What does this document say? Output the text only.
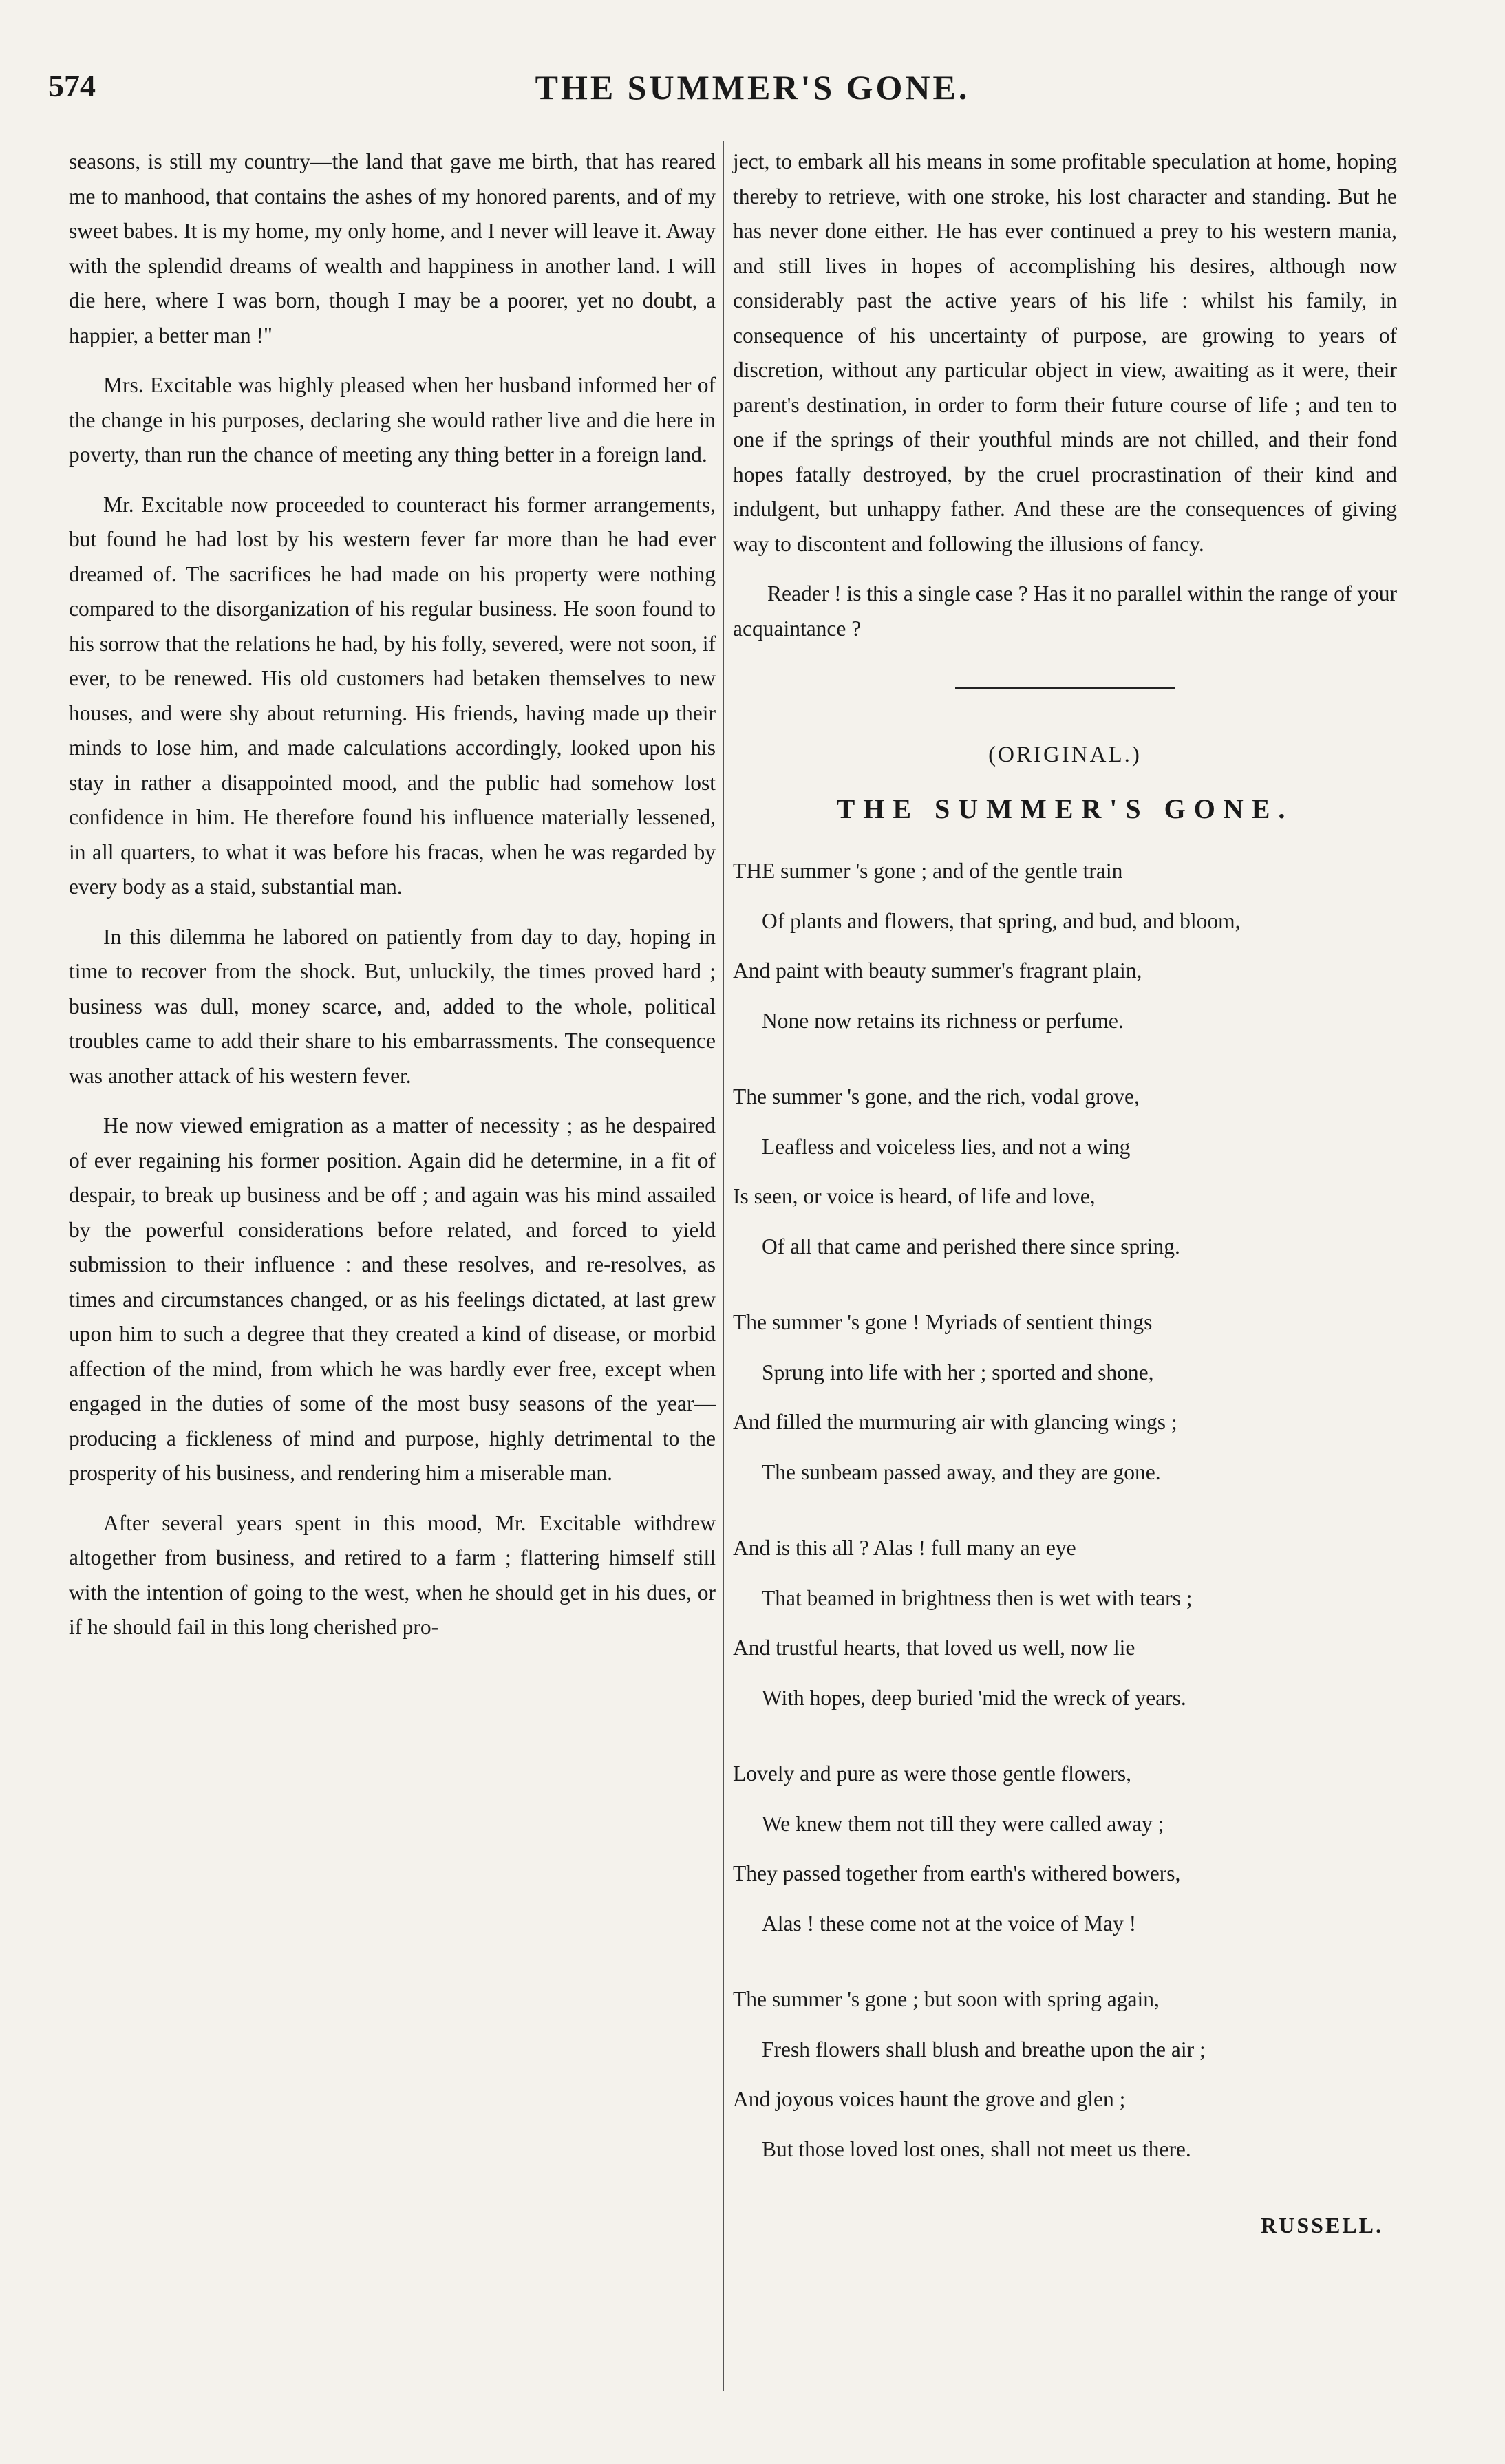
574	THE SUMMER'S GONE.

seasons, is still my country—the land that gave me birth, that has reared me to manhood, that contains the ashes of my honored parents, and of my sweet babes. It is my home, my only home, and I never will leave it. Away with the splendid dreams of wealth and happiness in another land. I will die here, where I was born, though I may be a poorer, yet no doubt, a happier, a better man !"

Mrs. Excitable was highly pleased when her husband informed her of the change in his purposes, declaring she would rather live and die here in poverty, than run the chance of meeting any thing better in a foreign land.

Mr. Excitable now proceeded to counteract his former arrangements, but found he had lost by his western fever far more than he had ever dreamed of. The sacrifices he had made on his property were nothing compared to the disorganization of his regular business. He soon found to his sorrow that the relations he had, by his folly, severed, were not soon, if ever, to be renewed. His old customers had betaken themselves to new houses, and were shy about returning. His friends, having made up their minds to lose him, and made calculations accordingly, looked upon his stay in rather a disappointed mood, and the public had somehow lost confidence in him. He therefore found his influence materially lessened, in all quarters, to what it was before his fracas, when he was regarded by every body as a staid, substantial man.

In this dilemma he labored on patiently from day to day, hoping in time to recover from the shock. But, unluckily, the times proved hard ; business was dull, money scarce, and, added to the whole, political troubles came to add their share to his embarrassments. The consequence was another attack of his western fever.

He now viewed emigration as a matter of necessity ; as he despaired of ever regaining his former position. Again did he determine, in a fit of despair, to break up business and be off ; and again was his mind assailed by the powerful considerations before related, and forced to yield submission to their influence : and these resolves, and re-resolves, as times and circumstances changed, or as his feelings dictated, at last grew upon him to such a degree that they created a kind of disease, or morbid affection of the mind, from which he was hardly ever free, except when engaged in the duties of some of the most busy seasons of the year—producing a fickleness of mind and purpose, highly detrimental to the prosperity of his business, and rendering him a miserable man.

After several years spent in this mood, Mr. Excitable withdrew altogether from business, and retired to a farm ; flattering himself still with the intention of going to the west, when he should get in his dues, or if he should fail in this long cherished pro-

ject, to embark all his means in some profitable speculation at home, hoping thereby to retrieve, with one stroke, his lost character and standing. But he has never done either. He has ever continued a prey to his western mania, and still lives in hopes of accomplishing his desires, although now considerably past the active years of his life : whilst his family, in consequence of his uncertainty of purpose, are growing to years of discretion, without any particular object in view, awaiting as it were, their parent's destination, in order to form their future course of life ; and ten to one if the springs of their youthful minds are not chilled, and their fond hopes fatally destroyed, by the cruel procrastination of their kind and indulgent, but unhappy father. And these are the consequences of giving way to discontent and following the illusions of fancy.

Reader ! is this a single case ? Has it no parallel within the range of your acquaintance ?

(ORIGINAL.)
THE SUMMER'S GONE.

THE summer 's gone ; and of the gentle train

Of plants and flowers, that spring, and bud, and bloom,

And paint with beauty summer's fragrant plain,

None now retains its richness or perfume.

The summer 's gone, and the rich, vodal grove,

Leafless and voiceless lies, and not a wing

Is seen, or voice is heard, of life and love,

Of all that came and perished there since spring.

The summer 's gone ! Myriads of sentient things

Sprung into life with her ; sported and shone,

And filled the murmuring air with glancing wings ;

The sunbeam passed away, and they are gone.

And is this all ? Alas ! full many an eye

That beamed in brightness then is wet with tears ;

And trustful hearts, that loved us well, now lie

With hopes, deep buried 'mid the wreck of years.

Lovely and pure as were those gentle flowers,

We knew them not till they were called away ;

They passed together from earth's withered bowers,

Alas ! these come not at the voice of May !

The summer 's gone ; but soon with spring again,

Fresh flowers shall blush and breathe upon the air ;

And joyous voices haunt the grove and glen ;

But those loved lost ones, shall not meet us there.

RUSSELL.
